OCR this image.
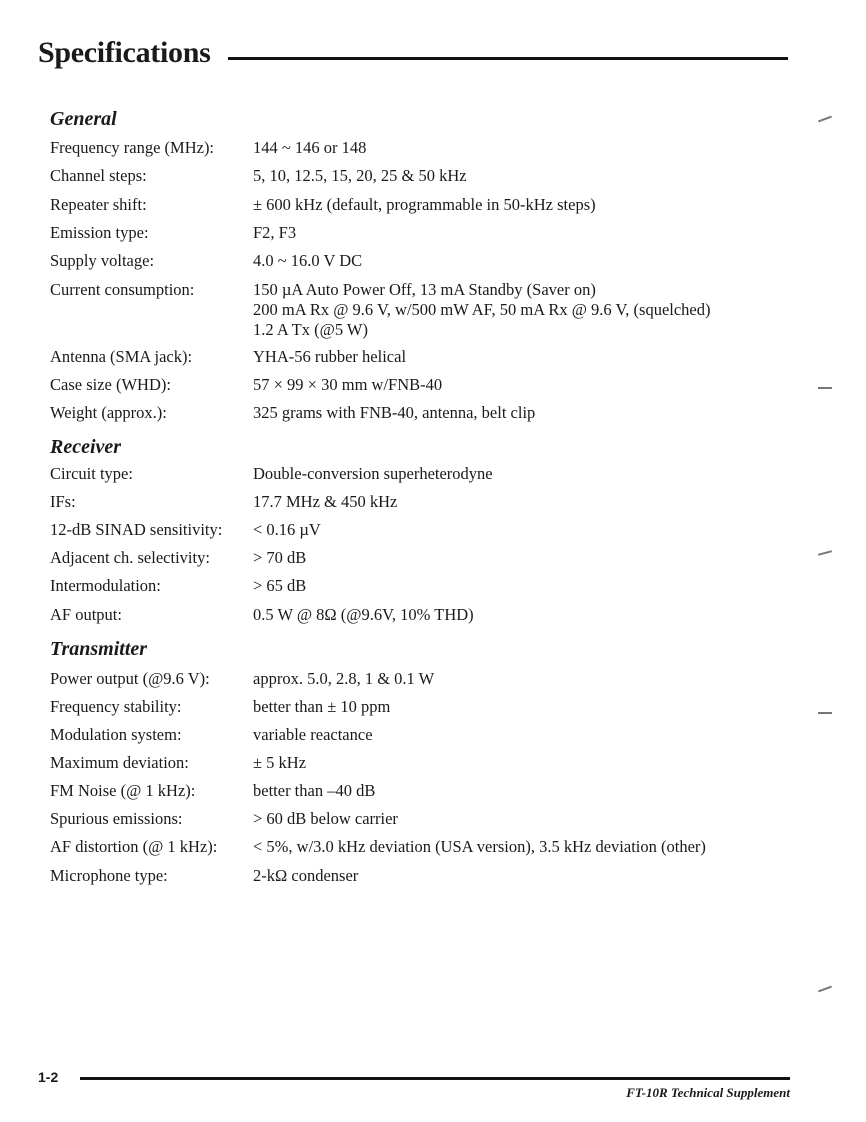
Specifications
General
Frequency range (MHz): 144 ~ 146 or 148
Channel steps:	5, 10, 12.5, 15, 20, 25 & 50 kHz
Repeater shift:	± 600 kHz (default, programmable in 50-kHz steps)
Emission type:	F2, F3
Supply voltage:	4.0 ~ 16.0 V DC
Current consumption:	150 µA Auto Power Off, 13 mA Standby (Saver on)
200 mA Rx @ 9.6 V, w/500 mW AF, 50 mA Rx @ 9.6 V, (squelched)
1.2 A Tx (@5 W)
Antenna (SMA jack):	YHA-56 rubber helical
Case size (WHD):	57 × 99 × 30 mm w/FNB-40
Weight (approx.):	325 grams with FNB-40, antenna, belt clip
Receiver
Circuit type:	Double-conversion superheterodyne
IFs:	17.7 MHz & 450 kHz
12-dB SINAD sensitivity: < 0.16 µV
Adjacent ch. selectivity:	> 70 dB
Intermodulation:	> 65 dB
AF output:	0.5 W @ 8Ω (@9.6V, 10% THD)
Transmitter
Power output (@9.6 V):	approx. 5.0, 2.8, 1 & 0.1 W
Frequency stability:	better than ± 10 ppm
Modulation system:	variable reactance
Maximum deviation:	± 5 kHz
FM Noise (@ 1 kHz):	better than –40 dB
Spurious emissions:	> 60 dB below carrier
AF distortion (@ 1 kHz): < 5%, w/3.0 kHz deviation (USA version), 3.5 kHz deviation (other)
Microphone type:	2-kΩ condenser
1-2
FT-10R Technical Supplement
